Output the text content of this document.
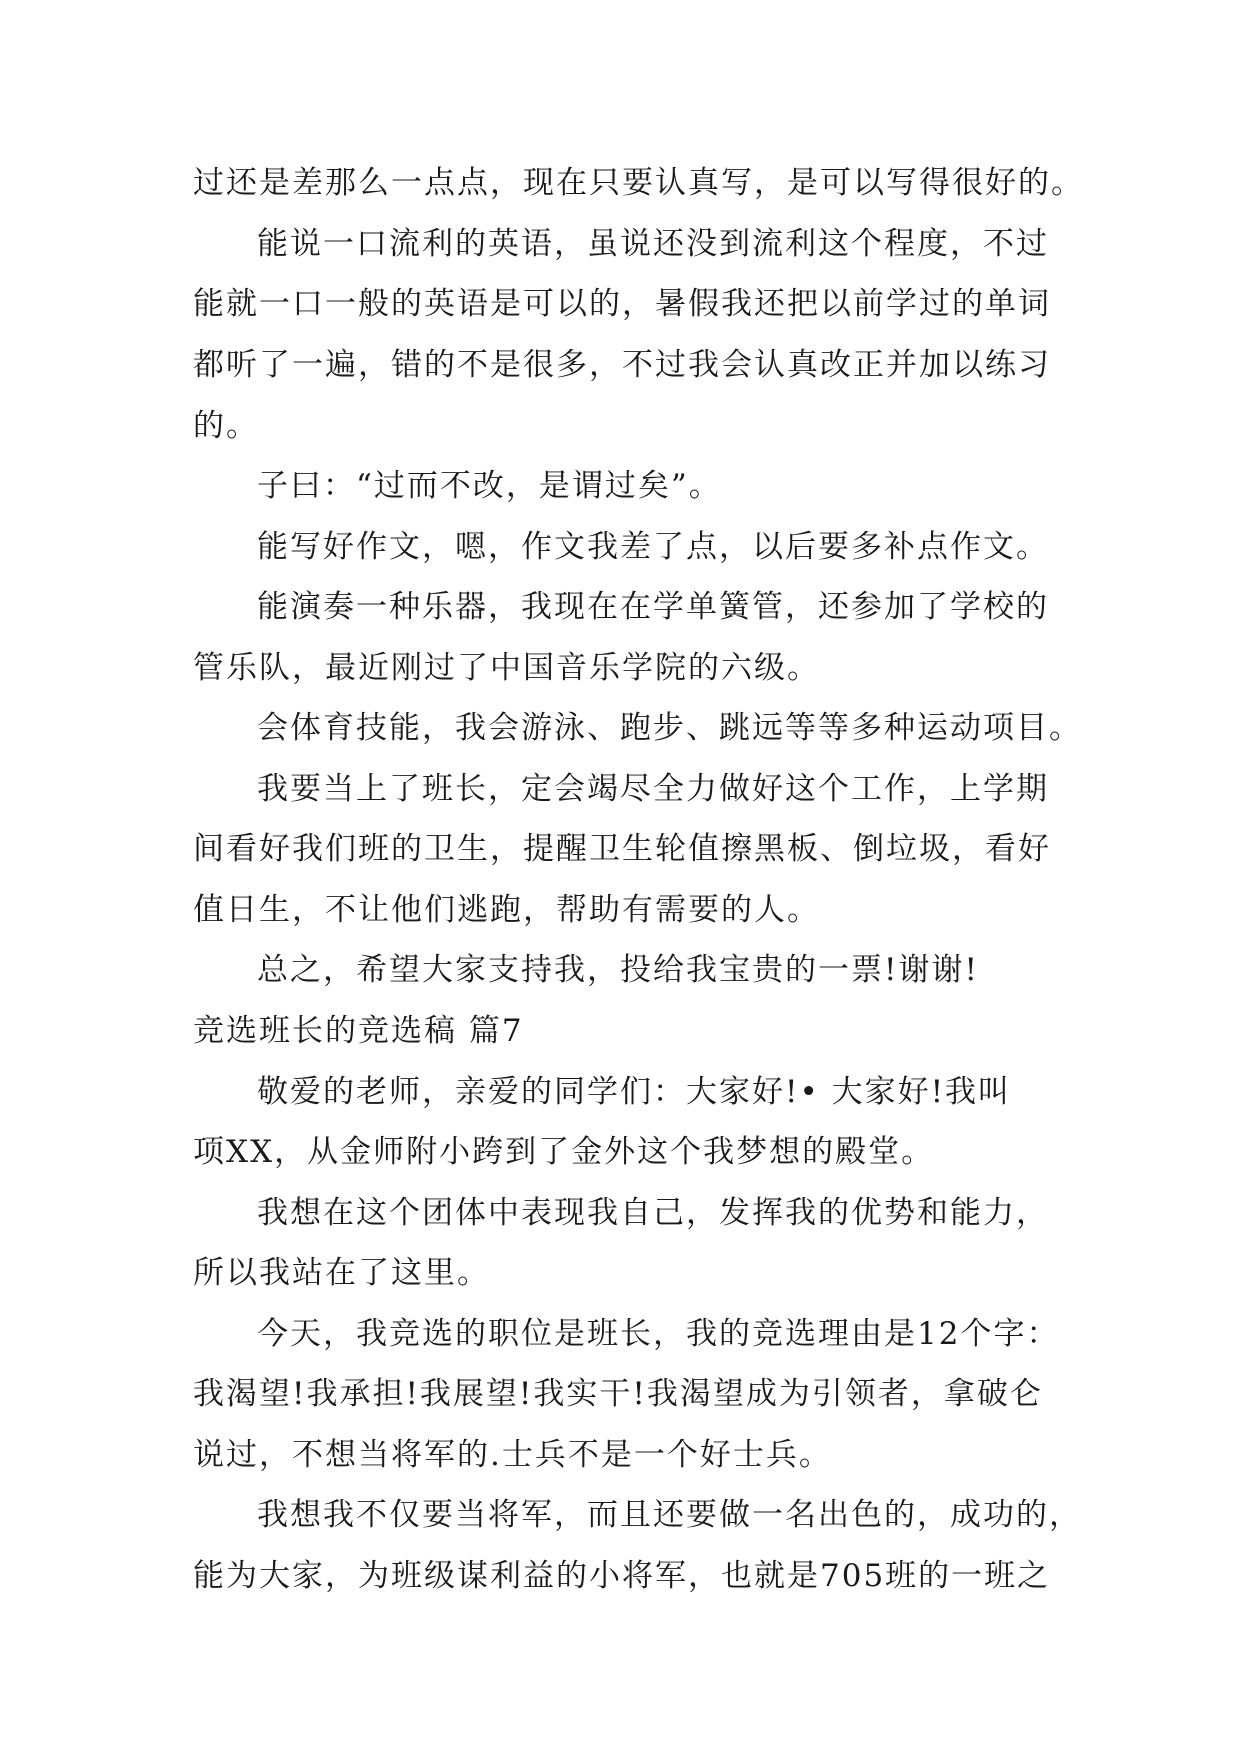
过还是差那么一点点，现在只要认真写，是可以写得很好的。
能说一口流利的英语，虽说还没到流利这个程度，不过
能就一口一般的英语是可以的，暑假我还把以前学过的单词
都听了一遍，错的不是很多，不过我会认真改正并加以练习
的。
子曰：“过而不改，是谓过矣”。
能写好作文，嗯，作文我差了点，以后要多补点作文。
能演奏一种乐器，我现在在学单簧管，还参加了学校的
管乐队，最近刚过了中国音乐学院的六级。
会体育技能，我会游泳、跑步、跳远等等多种运动项目。
我要当上了班长，定会竭尽全力做好这个工作，上学期
间看好我们班的卫生，提醒卫生轮值擦黑板、倒垃圾，看好
值日生，不让他们逃跑，帮助有需要的人。
总之，希望大家支持我，投给我宝贵的一票!谢谢!
竞选班长的竞选稿 篇7
敬爱的老师，亲爱的同学们：大家好!• 大家好!我叫
项XX，从金师附小跨到了金外这个我梦想的殿堂。
我想在这个团体中表现我自己，发挥我的优势和能力，
所以我站在了这里。
今天，我竞选的职位是班长，我的竞选理由是12个字：
我渴望!我承担!我展望!我实干!我渴望成为引领者，拿破仑
说过，不想当将军的.士兵不是一个好士兵。
我想我不仅要当将军，而且还要做一名出色的，成功的，
能为大家，为班级谋利益的小将军，也就是705班的一班之
